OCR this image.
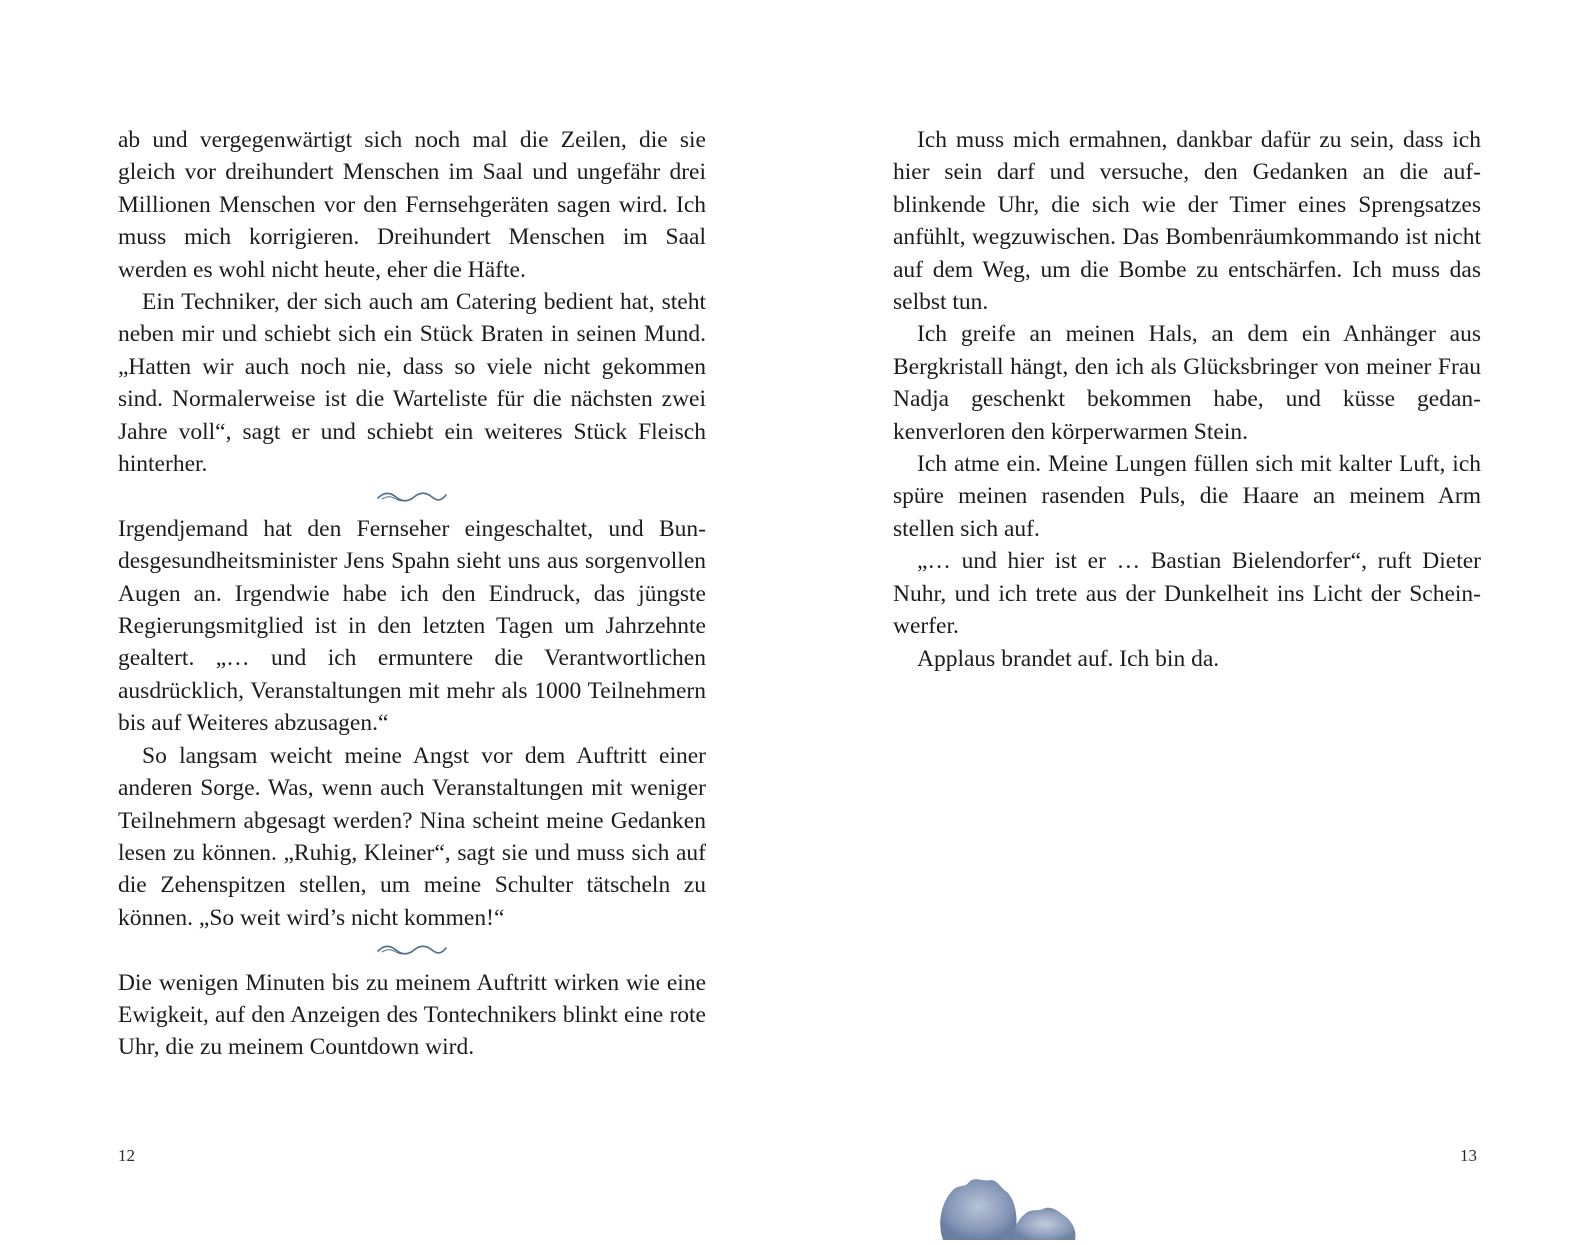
ab und vergegenwärtigt sich noch mal die Zeilen, die sie gleich vor dreihundert Menschen im Saal und ungefähr drei Millionen Menschen vor den Fernsehgeräten sagen wird. Ich muss mich korrigieren. Dreihundert Menschen im Saal werden es wohl nicht heute, eher die Häfte.

Ein Techniker, der sich auch am Catering bedient hat, steht neben mir und schiebt sich ein Stück Braten in seinen Mund. „Hatten wir auch noch nie, dass so viele nicht gekommen sind. Normalerweise ist die Warteliste für die nächsten zwei Jahre voll“, sagt er und schiebt ein weiteres Stück Fleisch hinterher.

Irgendjemand hat den Fernseher eingeschaltet, und Bundesgesundheitsminister Jens Spahn sieht uns aus sorgenvollen Augen an. Irgendwie habe ich den Eindruck, das jüngste Regierungsmitglied ist in den letzten Tagen um Jahrzehnte gealtert. „… und ich ermuntere die Verantwortlichen ausdrücklich, Veranstaltungen mit mehr als 1000 Teilnehmern bis auf Weiteres abzusagen.“

So langsam weicht meine Angst vor dem Auftritt einer anderen Sorge. Was, wenn auch Veranstaltungen mit weniger Teilnehmern abgesagt werden? Nina scheint meine Gedanken lesen zu können. „Ruhig, Kleiner“, sagt sie und muss sich auf die Zehenspitzen stellen, um meine Schulter tätscheln zu können. „So weit wird’s nicht kommen!“

Die wenigen Minuten bis zu meinem Auftritt wirken wie eine Ewigkeit, auf den Anzeigen des Tontechnikers blinkt eine rote Uhr, die zu meinem Countdown wird.

Ich muss mich ermahnen, dankbar dafür zu sein, dass ich hier sein darf und versuche, den Gedanken an die aufblinkende Uhr, die sich wie der Timer eines Sprengsatzes anfühlt, wegzuwischen. Das Bombenräumkommando ist nicht auf dem Weg, um die Bombe zu entschärfen. Ich muss das selbst tun.

Ich greife an meinen Hals, an dem ein Anhänger aus Bergkristall hängt, den ich als Glücksbringer von meiner Frau Nadja geschenkt bekommen habe, und küsse gedankenverloren den körperwarmen Stein.

Ich atme ein. Meine Lungen füllen sich mit kalter Luft, ich spüre meinen rasenden Puls, die Haare an meinem Arm stellen sich auf.

„… und hier ist er … Bastian Bielendorfer“, ruft Dieter Nuhr, und ich trete aus der Dunkelheit ins Licht der Scheinwerfer.

Applaus brandet auf. Ich bin da.

12	13
